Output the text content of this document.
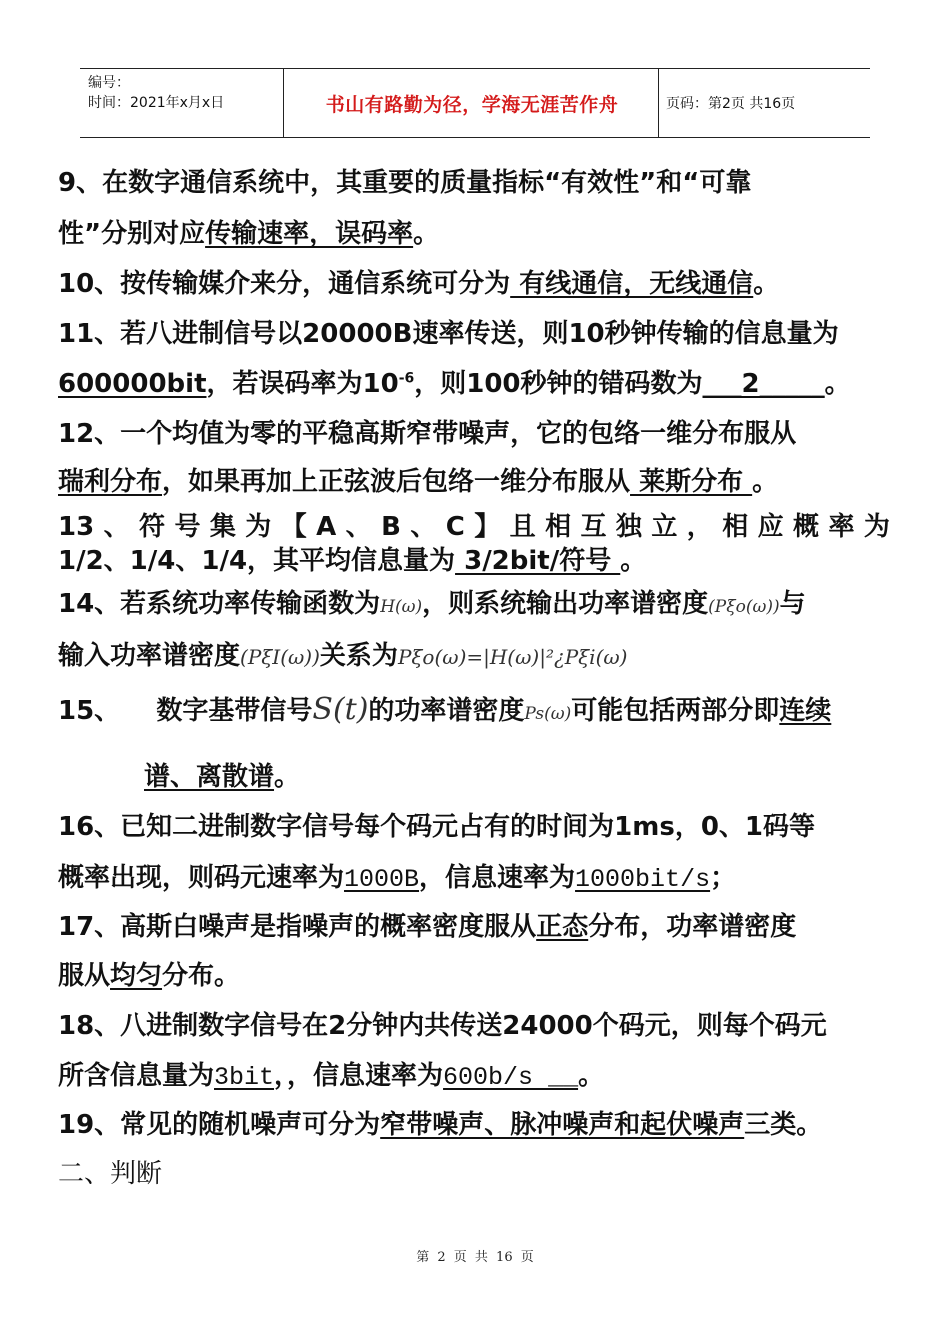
编号：
时间：2021年x月x日	书山有路勤为径，学海无涯苦作舟	页码：第2页 共16页
9、在数字通信系统中，其重要的质量指标“有效性”和“可靠
性”分别对应传输速率，误码率。
10、按传输媒介来分，通信系统可分为 有线通信，无线通信。
11、若八进制信号以20000B速率传送，则10秒钟传输的信息量为
600000bit，若误码率为$10^{-6}$，则100秒钟的错码数为___2_____。
12、一个均值为零的平稳高斯窄带噪声，它的包络一维分布服从
瑞利分布，如果再加上正弦波后包络一维分布服从 莱斯分布 。
13 、 符 号 集 为 【 A 、 B 、 C 】 且 相 互 独 立 ， 相 应 概 率 为
1/2、1/4、1/4，其平均信息量为 3/2bit/符号 。
14、若系统功率传输函数为H(ω)，则系统输出功率谱密度(Pξo(ω))与
输入功率谱密度(PξI(ω))关系为Pξo(ω)=|H(ω)|²¿Pξi(ω)
15、    数字基带信号S(t)的功率谱密度Ps(ω)可能包括两部分即连续
谱、离散谱。
16、已知二进制数字信号每个码元占有的时间为1ms，0、1码等
概率出现，则码元速率为1000B，信息速率为1000bit/s；
17、高斯白噪声是指噪声的概率密度服从正态分布，功率谱密度
服从均匀分布。
18、八进制数字信号在2分钟内共传送24000个码元，则每个码元
所含信息量为3bit，，信息速率为600b/s __。
19、常见的随机噪声可分为窄带噪声、脉冲噪声和起伏噪声三类。
二、判断
第 2 页 共 16 页
